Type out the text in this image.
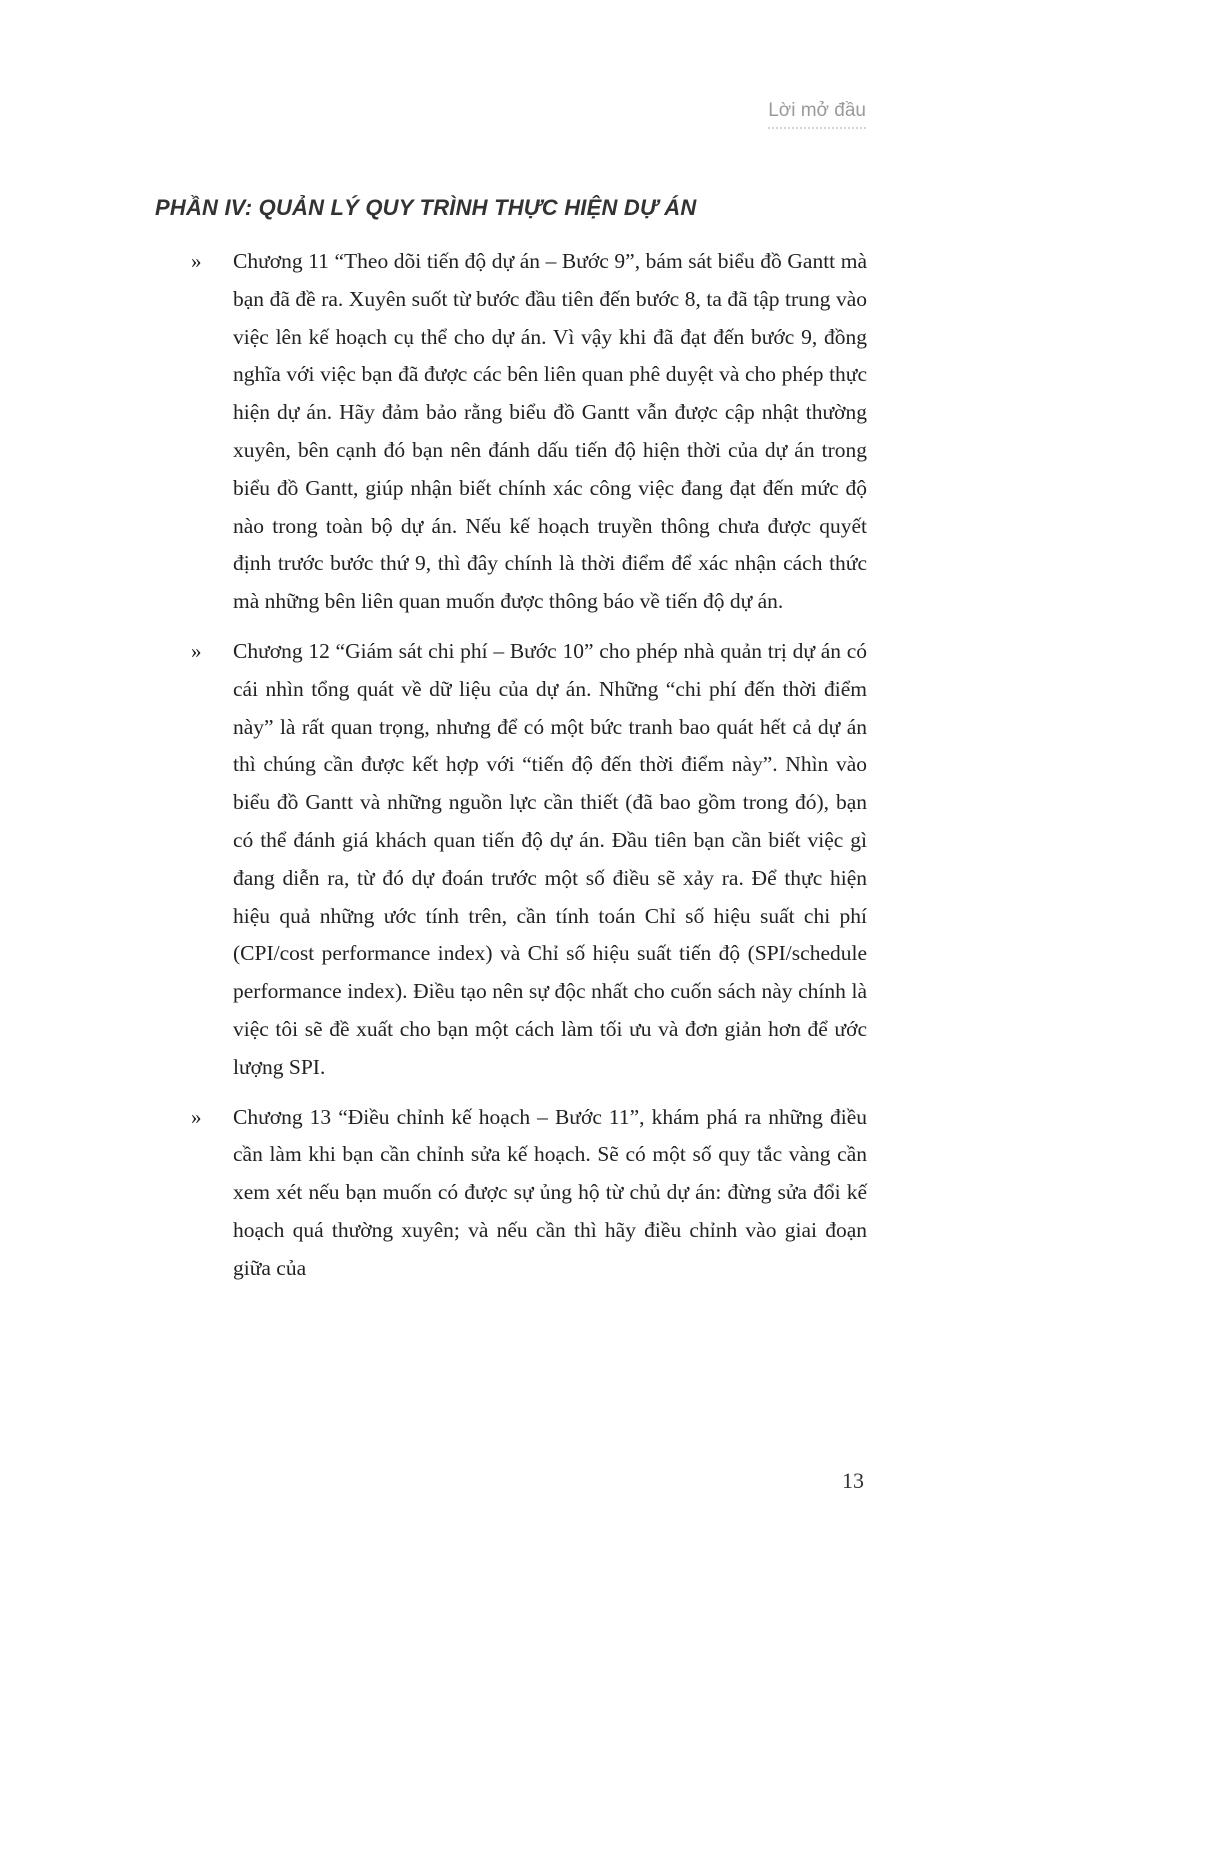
Lời mở đầu
PHẦN IV: QUẢN LÝ QUY TRÌNH THỰC HIỆN DỰ ÁN
»	Chương 11 “Theo dõi tiến độ dự án – Bước 9”, bám sát biểu đồ Gantt mà bạn đã đề ra. Xuyên suốt từ bước đầu tiên đến bước 8, ta đã tập trung vào việc lên kế hoạch cụ thể cho dự án. Vì vậy khi đã đạt đến bước 9, đồng nghĩa với việc bạn đã được các bên liên quan phê duyệt và cho phép thực hiện dự án. Hãy đảm bảo rằng biểu đồ Gantt vẫn được cập nhật thường xuyên, bên cạnh đó bạn nên đánh dấu tiến độ hiện thời của dự án trong biểu đồ Gantt, giúp nhận biết chính xác công việc đang đạt đến mức độ nào trong toàn bộ dự án. Nếu kế hoạch truyền thông chưa được quyết định trước bước thứ 9, thì đây chính là thời điểm để xác nhận cách thức mà những bên liên quan muốn được thông báo về tiến độ dự án.

»	Chương 12 “Giám sát chi phí – Bước 10” cho phép nhà quản trị dự án có cái nhìn tổng quát về dữ liệu của dự án. Những “chi phí đến thời điểm này” là rất quan trọng, nhưng để có một bức tranh bao quát hết cả dự án thì chúng cần được kết hợp với “tiến độ đến thời điểm này”. Nhìn vào biểu đồ Gantt và những nguồn lực cần thiết (đã bao gồm trong đó), bạn có thể đánh giá khách quan tiến độ dự án. Đầu tiên bạn cần biết việc gì đang diễn ra, từ đó dự đoán trước một số điều sẽ xảy ra. Để thực hiện hiệu quả những ước tính trên, cần tính toán Chỉ số hiệu suất chi phí (CPI/cost performance index) và Chỉ số hiệu suất tiến độ (SPI/schedule performance index). Điều tạo nên sự độc nhất cho cuốn sách này chính là việc tôi sẽ đề xuất cho bạn một cách làm tối ưu và đơn giản hơn để ước lượng SPI.

»	Chương 13 “Điều chỉnh kế hoạch – Bước 11”, khám phá ra những điều cần làm khi bạn cần chỉnh sửa kế hoạch. Sẽ có một số quy tắc vàng cần xem xét nếu bạn muốn có được sự ủng hộ từ chủ dự án: đừng sửa đổi kế hoạch quá thường xuyên; và nếu cần thì hãy điều chỉnh vào giai đoạn giữa của

13
